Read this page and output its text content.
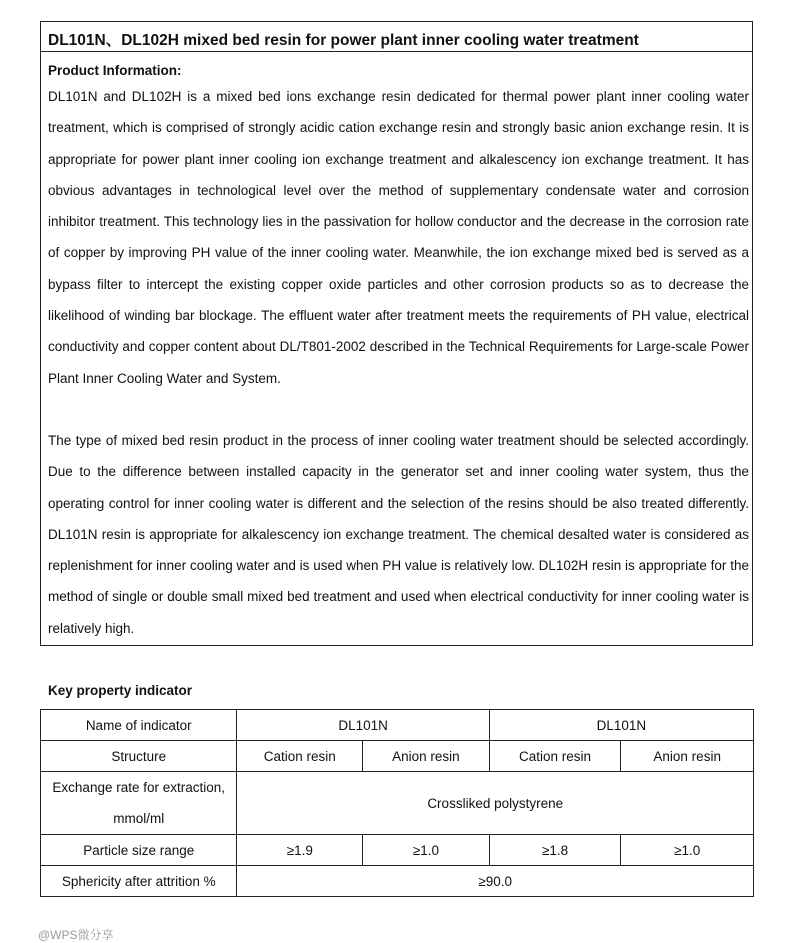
DL101N、DL102H mixed bed resin for power plant inner cooling water treatment
Product Information:

DL101N and DL102H is a mixed bed ions exchange resin dedicated for thermal power plant inner cooling water treatment, which is comprised of strongly acidic cation exchange resin and strongly basic anion exchange resin. It is appropriate for power plant inner cooling ion exchange treatment and alkalescency ion exchange treatment. It has obvious advantages in technological level over the method of supplementary condensate water and corrosion inhibitor treatment. This technology lies in the passivation for hollow conductor and the decrease in the corrosion rate of copper by improving PH value of the inner cooling water. Meanwhile, the ion exchange mixed bed is served as a bypass filter to intercept the existing copper oxide particles and other corrosion products so as to decrease the likelihood of winding bar blockage. The effluent water after treatment meets the requirements of PH value, electrical conductivity and copper content about DL/T801-2002 described in the Technical Requirements for Large-scale Power Plant Inner Cooling Water and System.

The type of mixed bed resin product in the process of inner cooling water treatment should be selected accordingly. Due to the difference between installed capacity in the generator set and inner cooling water system, thus the operating control for inner cooling water is different and the selection of the resins should be also treated differently. DL101N resin is appropriate for alkalescency ion exchange treatment. The chemical desalted water is considered as replenishment for inner cooling water and is used when PH value is relatively low. DL102H resin is appropriate for the method of single or double small mixed bed treatment and used when electrical conductivity for inner cooling water is relatively high.

Key property indicator
Name of indicator	DL101N		DL101N	
Structure	Cation resin	Anion resin	Cation resin	Anion resin

Exchange rate for extraction,
mmol/ml	Crossliked polystyrene			
Particle size range	≥1.9	≥1.0	≥1.8	≥1.0
Sphericity after attrition %	≥90.0			
@WPS微分享
